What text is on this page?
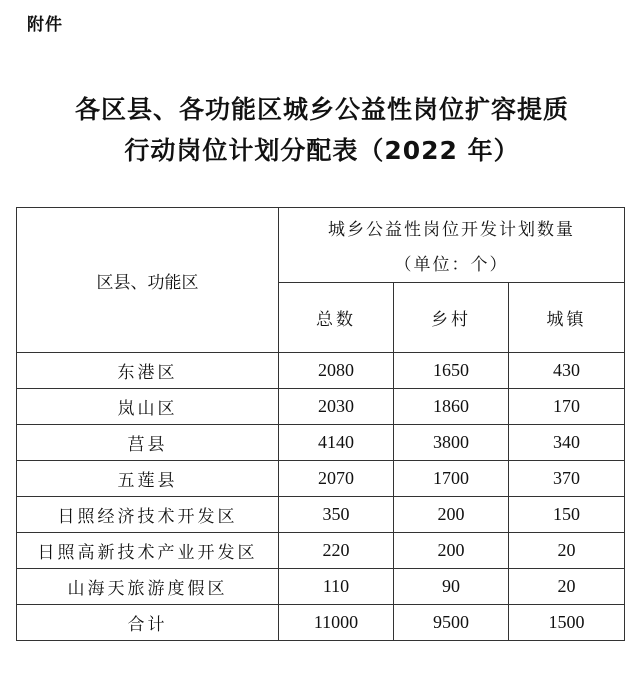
附件
各区县、各功能区城乡公益性岗位扩容提质
行动岗位计划分配表（2022 年）
区县、功能区	城乡公益性岗位开发计划数量
（单位：个）		

	总数	乡村	城镇
东港区	2080	1650	430
岚山区	2030	1860	170
莒县	4140	3800	340
五莲县	2070	1700	370
日照经济技术开发区	350	200	150
日照高新技术产业开发区	220	200	20
山海天旅游度假区	110	90	20
合计	11000	9500	1500
